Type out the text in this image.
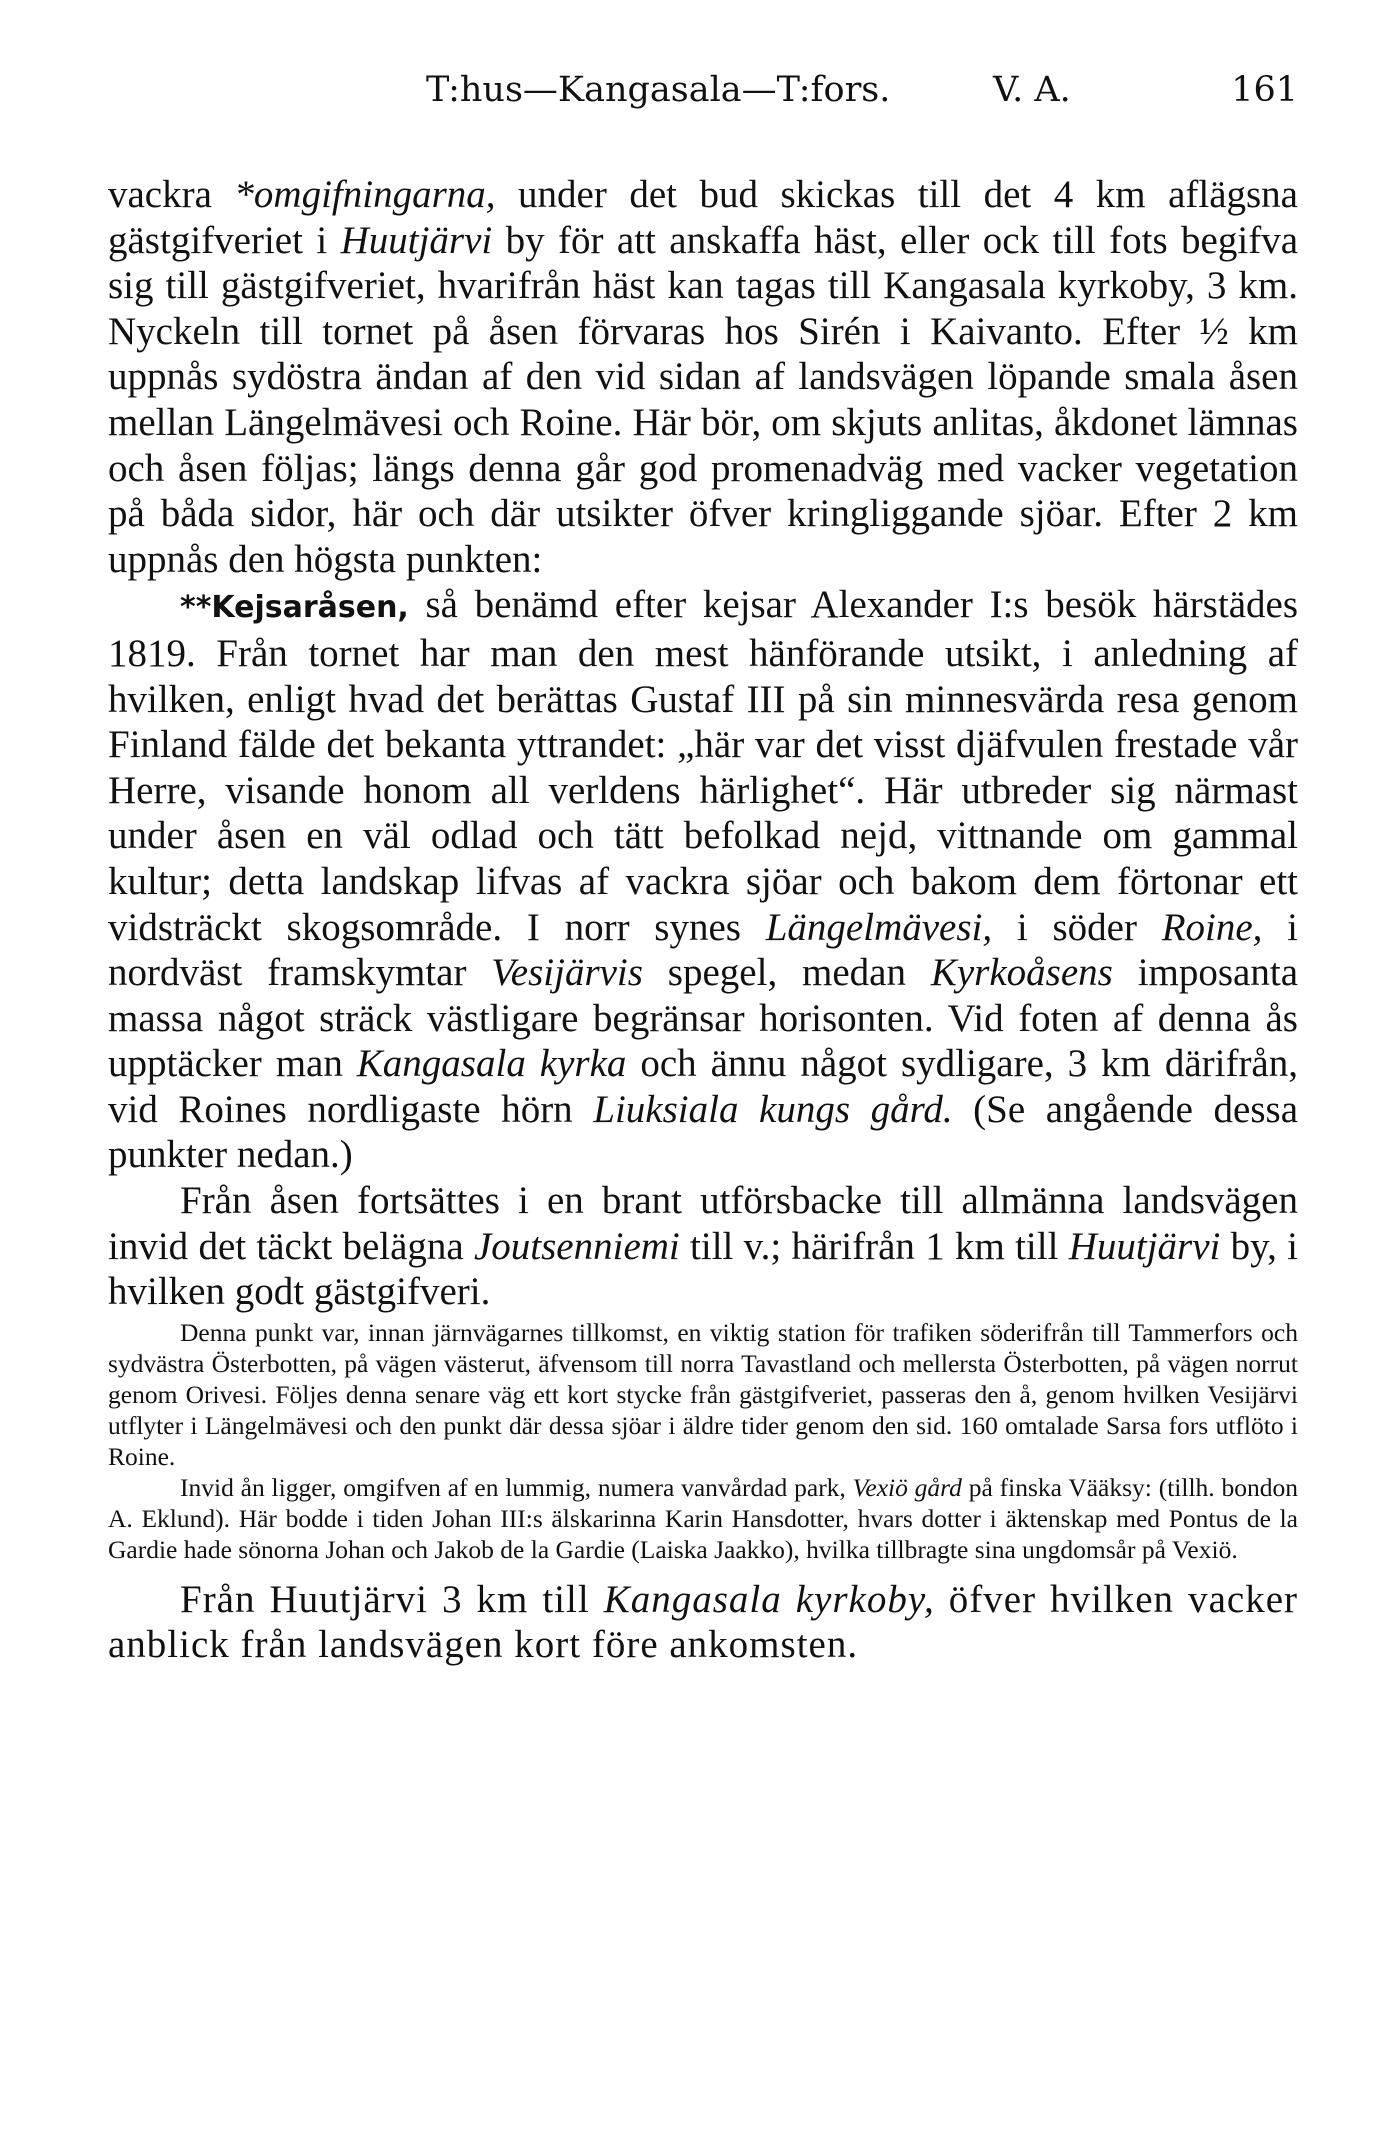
T:hus—Kangasala—T:fors.	V. A.	161

vackra *omgifningarna, under det bud skickas till det 4 km aflägsna gästgifveriet i Huutjärvi by för att anskaffa häst, eller ock till fots begifva sig till gästgifveriet, hvarifrån häst kan tagas till Kangasala kyrkoby, 3 km. Nyckeln till tornet på åsen förvaras hos Sirén i Kaivanto. Efter ½ km uppnås sydöstra ändan af den vid sidan af landsvägen löpande smala åsen mellan Längelmävesi och Roine. Här bör, om skjuts anlitas, åkdonet lämnas och åsen följas; längs denna går god promenadväg med vacker vegetation på båda sidor, här och där utsikter öfver kringliggande sjöar. Efter 2 km uppnås den högsta punkten:

**Kejsaråsen, så benämd efter kejsar Alexander I:s besök härstädes 1819. Från tornet har man den mest hänförande utsikt, i anledning af hvilken, enligt hvad det berättas Gustaf III på sin minnesvärda resa genom Finland fälde det bekanta yttrandet: „här var det visst djäfvulen frestade vår Herre, visande honom all verldens härlighet“. Här utbreder sig närmast under åsen en väl odlad och tätt befolkad nejd, vittnande om gammal kultur; detta landskap lifvas af vackra sjöar och bakom dem förtonar ett vidsträckt skogsområde. I norr synes Längelmävesi, i söder Roine, i nordväst framskymtar Vesijärvis spegel, medan Kyrkoåsens imposanta massa något sträck västligare begränsar horisonten. Vid foten af denna ås upptäcker man Kangasala kyrka och ännu något sydligare, 3 km därifrån, vid Roines nordligaste hörn Liuksiala kungs gård. (Se angående dessa punkter nedan.)

Från åsen fortsättes i en brant utförsbacke till allmänna landsvägen invid det täckt belägna Joutsenniemi till v.; härifrån 1 km till Huutjärvi by, i hvilken godt gästgifveri.

Denna punkt var, innan järnvägarnes tillkomst, en viktig station för trafiken söderifrån till Tammerfors och sydvästra Österbotten, på vägen västerut, äfvensom till norra Tavastland och mellersta Österbotten, på vägen norrut genom Orivesi. Följes denna senare väg ett kort stycke från gästgifveriet, passeras den å, genom hvilken Vesijärvi utflyter i Längelmävesi och den punkt där dessa sjöar i äldre tider genom den sid. 160 omtalade Sarsa fors utflöto i Roine.

Invid ån ligger, omgifven af en lummig, numera vanvårdad park, Vexiö gård på finska Vääksy: (tillh. bondon A. Eklund). Här bodde i tiden Johan III:s älskarinna Karin Hansdotter, hvars dotter i äktenskap med Pontus de la Gardie hade sönorna Johan och Jakob de la Gardie (Laiska Jaakko), hvilka tillbragte sina ungdomsår på Vexiö.

Från Huutjärvi 3 km till Kangasala kyrkoby, öfver hvilken vacker anblick från landsvägen kort före ankomsten.
